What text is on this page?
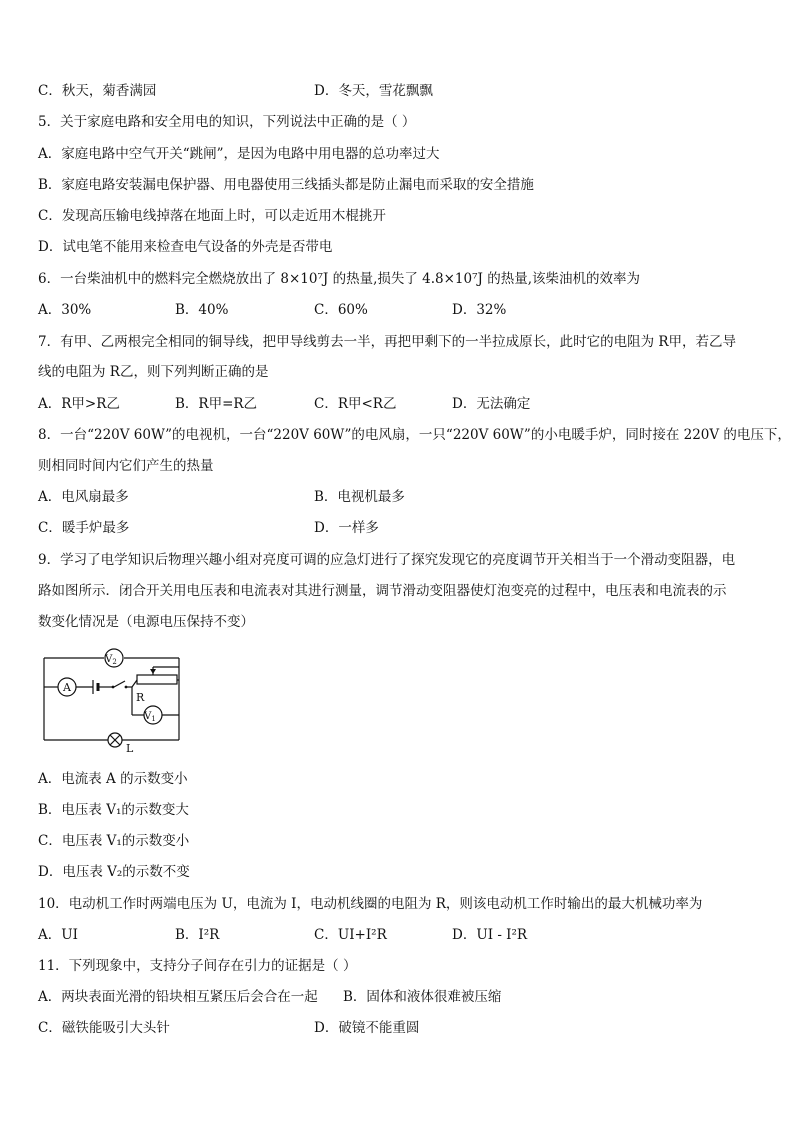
C．秋天，菊香满园	D．冬天，雪花飘飘
5．关于家庭电路和安全用电的知识，下列说法中正确的是（ ）
A．家庭电路中空气开关“跳闸”，是因为电路中用电器的总功率过大
B．家庭电路安装漏电保护器、用电器使用三线插头都是防止漏电而采取的安全措施
C．发现高压输电线掉落在地面上时，可以走近用木棍挑开
D．试电笔不能用来检查电气设备的外壳是否带电
6．一台柴油机中的燃料完全燃烧放出了 8×10⁷J 的热量,损失了 4.8×10⁷J 的热量,该柴油机的效率为
A．30%	B．40%	C．60%	D．32%
7．有甲、乙两根完全相同的铜导线，把甲导线剪去一半，再把甲剩下的一半拉成原长，此时它的电阻为 R甲，若乙导
线的电阻为 R乙，则下列判断正确的是
A．R甲>R乙	B．R甲=R乙	C．R甲<R乙	D．无法确定
8．一台“220V 60W”的电视机，一台“220V 60W”的电风扇，一只“220V 60W”的小电暖手炉，同时接在 220V 的电压下，
则相同时间内它们产生的热量
A．电风扇最多	B．电视机最多
C．暖手炉最多	D．一样多
9．学习了电学知识后物理兴趣小组对亮度可调的应急灯进行了探究发现它的亮度调节开关相当于一个滑动变阻器，电
路如图所示．闭合开关用电压表和电流表对其进行测量，调节滑动变阻器使灯泡变亮的过程中，电压表和电流表的示
数变化情况是（电源电压保持不变）
A
$V_2$
$V_1$
R
L
A．电流表 A 的示数变小
B．电压表 V₁的示数变大
C．电压表 V₁的示数变小
D．电压表 V₂的示数不变
10．电动机工作时两端电压为 U，电流为 I，电动机线圈的电阻为 R，则该电动机工作时输出的最大机械功率为
A．UI	B．I²R	C．UI+I²R	D．UI - I²R
11．下列现象中，支持分子间存在引力的证据是（ ）
A．两块表面光滑的铅块相互紧压后会合在一起 B．固体和液体很难被压缩
C．磁铁能吸引大头针	D．破镜不能重圆
